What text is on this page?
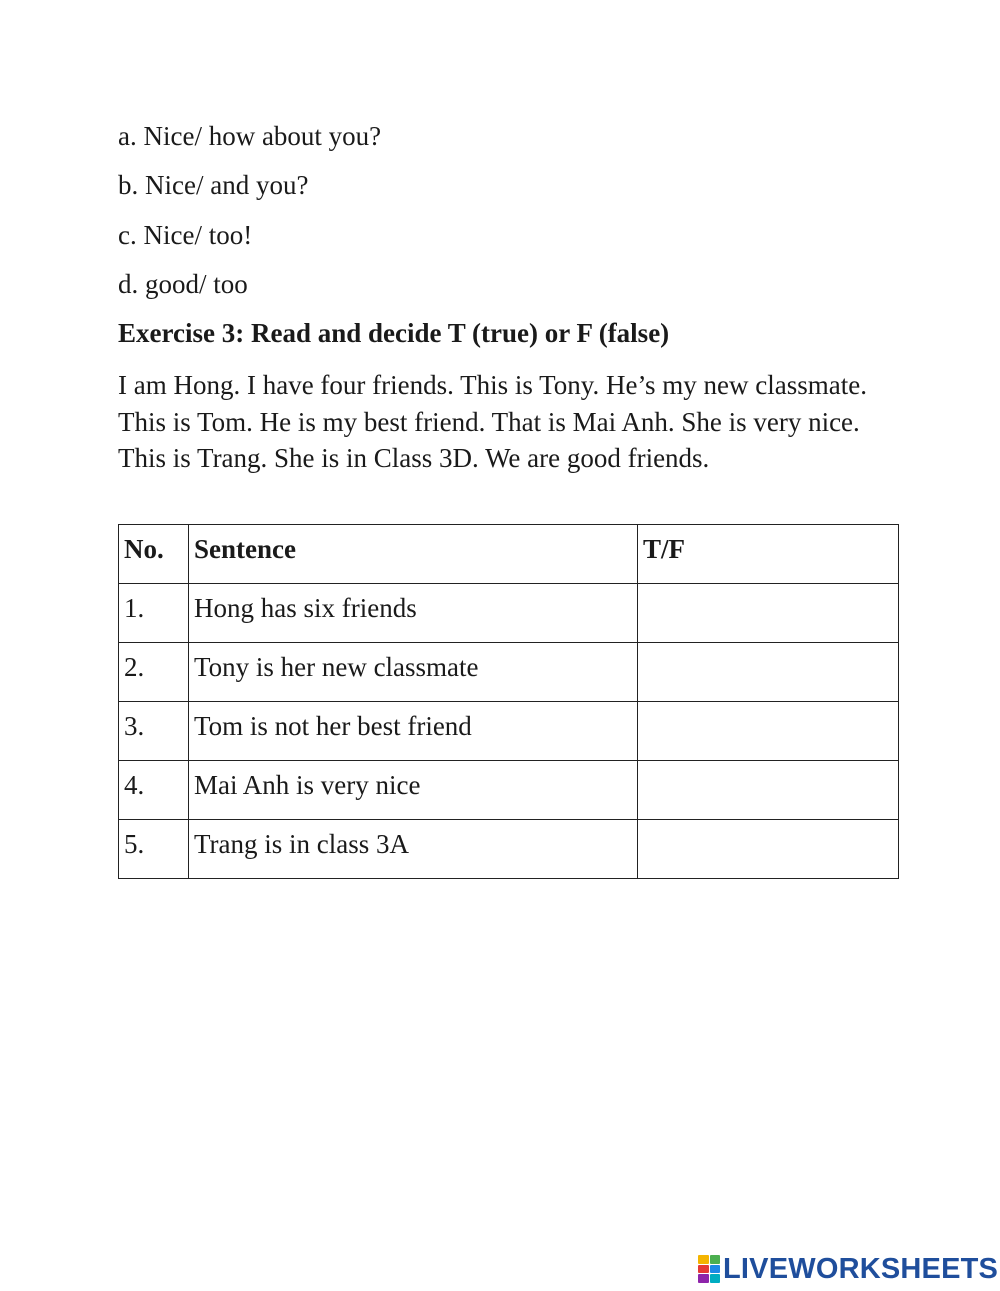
a. Nice/ how about you?
b. Nice/ and you?
c. Nice/ too!
d. good/ too
Exercise 3: Read and decide T (true) or F (false)
I am Hong. I have four friends. This is Tony. He’s my new classmate. This is Tom. He is my best friend. That is Mai Anh. She is very nice. This is Trang. She is in Class 3D. We are good friends.
No.	Sentence	T/F
1.	Hong has six friends	

2.	Tony is her new classmate	

3.	Tom is not her best friend	

4.	Mai Anh is very nice	

5.	Trang is in class 3A	
LIVEWORKSHEETS
